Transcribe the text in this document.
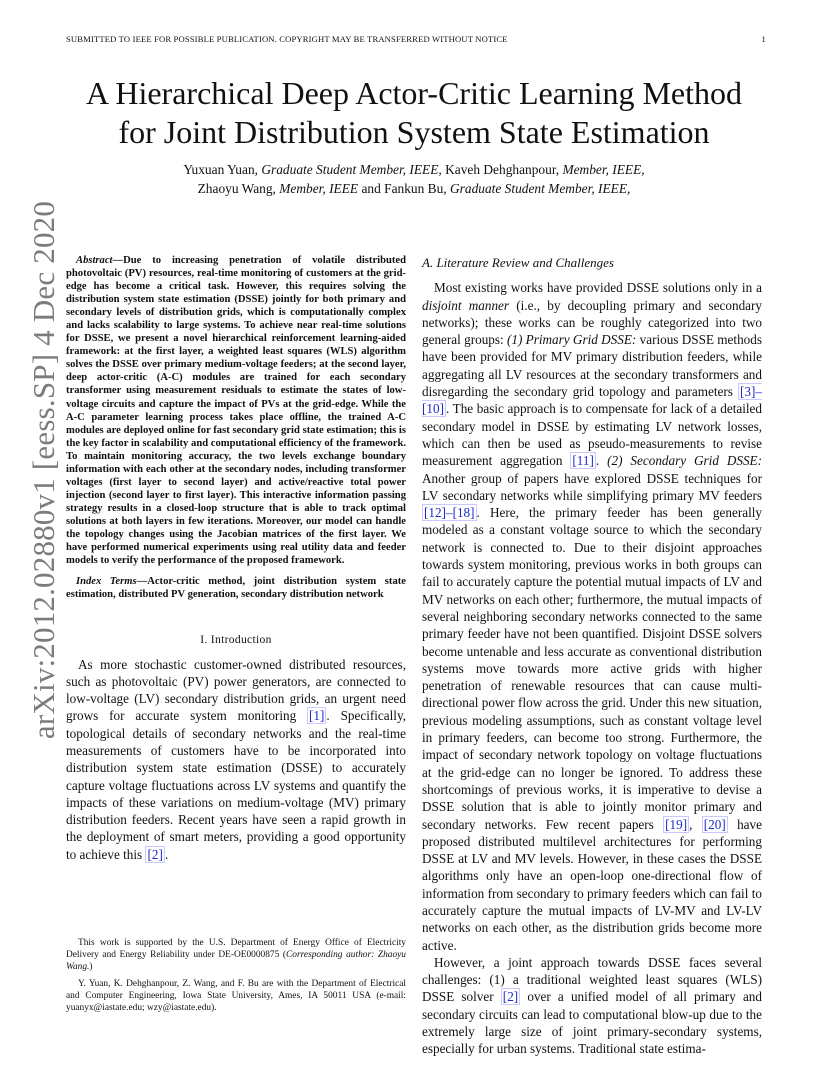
SUBMITTED TO IEEE FOR POSSIBLE PUBLICATION. COPYRIGHT MAY BE TRANSFERRED WITHOUT NOTICE	1
arXiv:2012.02880v1 [eess.SP] 4 Dec 2020
A Hierarchical Deep Actor-Critic Learning Method
for Joint Distribution System State Estimation
Yuxuan Yuan, Graduate Student Member, IEEE, Kaveh Dehghanpour, Member, IEEE,
Zhaoyu Wang, Member, IEEE and Fankun Bu, Graduate Student Member, IEEE,

Abstract—Due to increasing penetration of volatile distributed photovoltaic (PV) resources, real-time monitoring of customers at the grid-edge has become a critical task. However, this requires solving the distribution system state estimation (DSSE) jointly for both primary and secondary levels of distribution grids, which is computationally complex and lacks scalability to large systems. To achieve near real-time solutions for DSSE, we present a novel hierarchical reinforcement learning-aided framework: at the first layer, a weighted least squares (WLS) algorithm solves the DSSE over primary medium-voltage feeders; at the second layer, deep actor-critic (A-C) modules are trained for each secondary transformer using measurement residuals to estimate the states of low-voltage circuits and capture the impact of PVs at the grid-edge. While the A-C parameter learning process takes place offline, the trained A-C modules are deployed online for fast secondary grid state estimation; this is the key factor in scalability and computational efficiency of the framework. To maintain monitoring accuracy, the two levels exchange boundary information with each other at the secondary nodes, including transformer voltages (first layer to second layer) and active/reactive total power injection (second layer to first layer). This interactive information passing strategy results in a closed-loop structure that is able to track optimal solutions at both layers in few iterations. Moreover, our model can handle the topology changes using the Jacobian matrices of the first layer. We have performed numerical experiments using real utility data and feeder models to verify the performance of the proposed framework.

Index Terms—Actor-critic method, joint distribution system state estimation, distributed PV generation, secondary distribution network

I. Introduction

As more stochastic customer-owned distributed resources, such as photovoltaic (PV) power generators, are connected to low-voltage (LV) secondary distribution grids, an urgent need grows for accurate system monitoring [1] . Specifically, topological details of secondary networks and the real-time measurements of customers have to be incorporated into distribution system state estimation (DSSE) to accurately capture voltage fluctuations across LV systems and quantify the impacts of these variations on medium-voltage (MV) primary distribution feeders. Recent years have seen a rapid growth in the deployment of smart meters, providing a good opportunity to achieve this [2] .

This work is supported by the U.S. Department of Energy Office of Electricity Delivery and Energy Reliability under DE-OE0000875 (Corresponding author: Zhaoyu Wang.)

Y. Yuan, K. Dehghanpour, Z. Wang, and F. Bu are with the Department of Electrical and Computer Engineering, Iowa State University, Ames, IA 50011 USA (e-mail: yuanyx@iastate.edu; wzy@iastate.edu).

A. Literature Review and Challenges

Most existing works have provided DSSE solutions only in a disjoint manner (i.e., by decoupling primary and secondary networks); these works can be roughly categorized into two general groups: (1) Primary Grid DSSE: various DSSE methods have been provided for MV primary distribution feeders, while aggregating all LV resources at the secondary transformers and disregarding the secondary grid topology and parameters [3]–[10] . The basic approach is to compensate for lack of a detailed secondary model in DSSE by estimating LV network losses, which can then be used as pseudo-measurements to revise measurement aggregation [11] . (2) Secondary Grid DSSE: Another group of papers have explored DSSE techniques for LV secondary networks while simplifying primary MV feeders [12]–[18] . Here, the primary feeder has been generally modeled as a constant voltage source to which the secondary network is connected to. Due to their disjoint approaches towards system monitoring, previous works in both groups can fail to accurately capture the potential mutual impacts of LV and MV networks on each other; furthermore, the mutual impacts of several neighboring secondary networks connected to the same primary feeder have not been quantified. Disjoint DSSE solvers become untenable and less accurate as conventional distribution systems move towards more active grids with higher penetration of renewable resources that can cause multi-directional power flow across the grid. Under this new situation, previous modeling assumptions, such as constant voltage level in primary feeders, can become too strong. Furthermore, the impact of secondary network topology on voltage fluctuations at the grid-edge can no longer be ignored. To address these shortcomings of previous works, it is imperative to devise a DSSE solution that is able to jointly monitor primary and secondary networks. Few recent papers [19] , [20] have proposed distributed multilevel architectures for performing DSSE at LV and MV levels. However, in these cases the DSSE algorithms only have an open-loop one-directional flow of information from secondary to primary feeders which can fail to accurately capture the mutual impacts of LV-MV and LV-LV networks on each other, as the distribution grids become more active.

However, a joint approach towards DSSE faces several challenges: (1) a traditional weighted least squares (WLS) DSSE solver [2] over a unified model of all primary and secondary circuits can lead to computational blow-up due to the extremely large size of joint primary-secondary systems, especially for urban systems. Traditional state estima-
